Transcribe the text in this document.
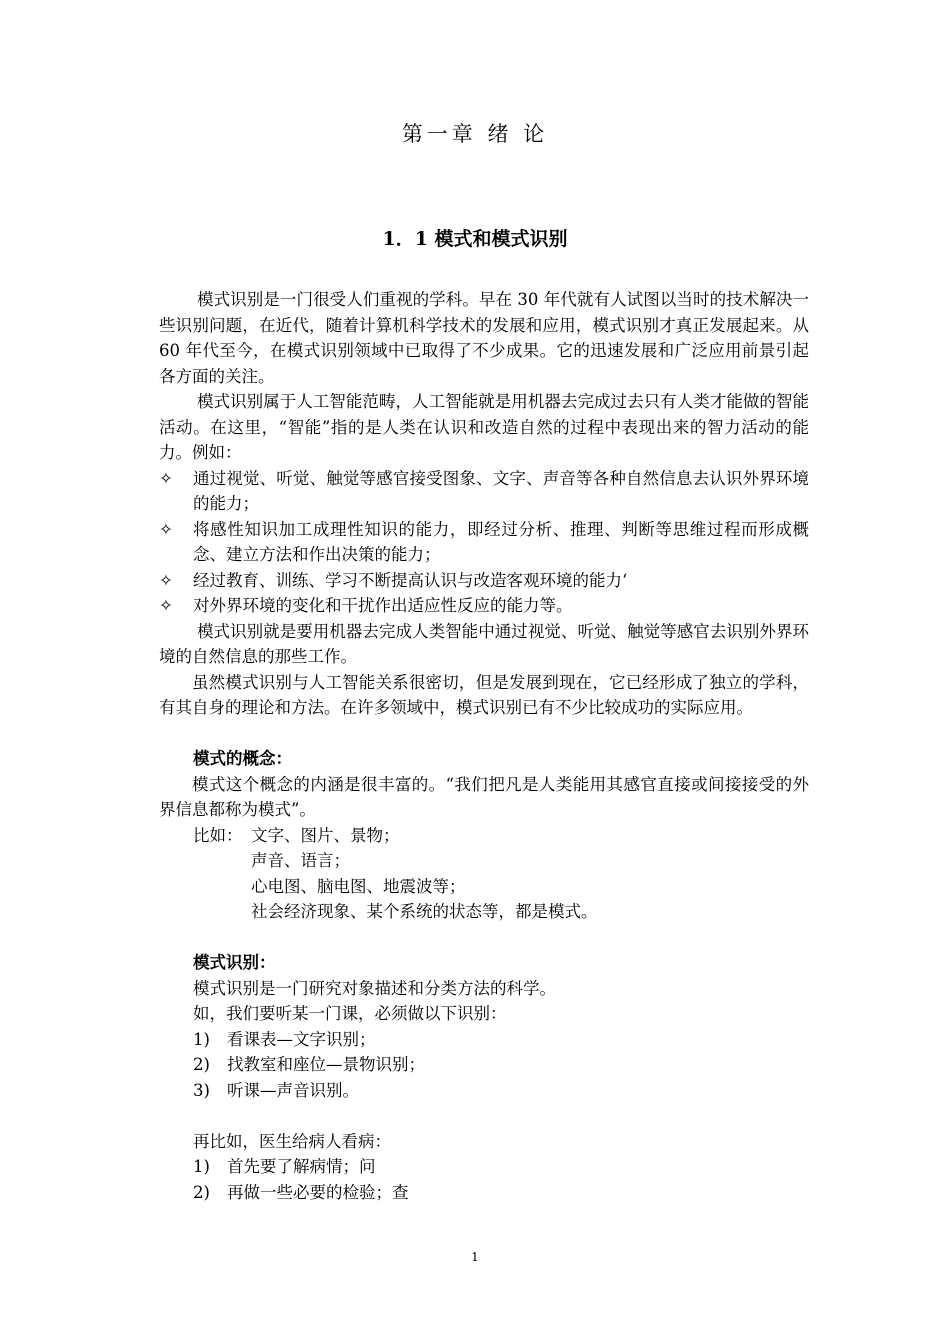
第一章 绪 论
1．1 模式和模式识别

模式识别是一门很受人们重视的学科。早在 30 年代就有人试图以当时的技术解决一些识别问题，在近代，随着计算机科学技术的发展和应用，模式识别才真正发展起来。从 60 年代至今，在模式识别领域中已取得了不少成果。它的迅速发展和广泛应用前景引起各方面的关注。

模式识别属于人工智能范畴，人工智能就是用机器去完成过去只有人类才能做的智能活动。在这里，“智能”指的是人类在认识和改造自然的过程中表现出来的智力活动的能力。例如：

✧	通过视觉、听觉、触觉等感官接受图象、文字、声音等各种自然信息去认识外界环境的能力；
✧	将感性知识加工成理性知识的能力，即经过分析、推理、判断等思维过程而形成概念、建立方法和作出决策的能力；
✧	经过教育、训练、学习不断提高认识与改造客观环境的能力‘
✧	对外界环境的变化和干扰作出适应性反应的能力等。

模式识别就是要用机器去完成人类智能中通过视觉、听觉、触觉等感官去识别外界环境的自然信息的那些工作。

虽然模式识别与人工智能关系很密切，但是发展到现在，它已经形成了独立的学科，有其自身的理论和方法。在许多领域中，模式识别已有不少比较成功的实际应用。

模式的概念：

模式这个概念的内涵是很丰富的。“我们把凡是人类能用其感官直接或间接接受的外界信息都称为模式”。

比如： 文字、图片、景物；

声音、语言；

心电图、脑电图、地震波等；

社会经济现象、某个系统的状态等，都是模式。

模式识别：

模式识别是一门研究对象描述和分类方法的科学。

如，我们要听某一门课，必须做以下识别：

1)	看课表—文字识别；
2)	找教室和座位—景物识别；
3)	听课—声音识别。

再比如，医生给病人看病：

1)	首先要了解病情；问
2)	再做一些必要的检验；查
1
